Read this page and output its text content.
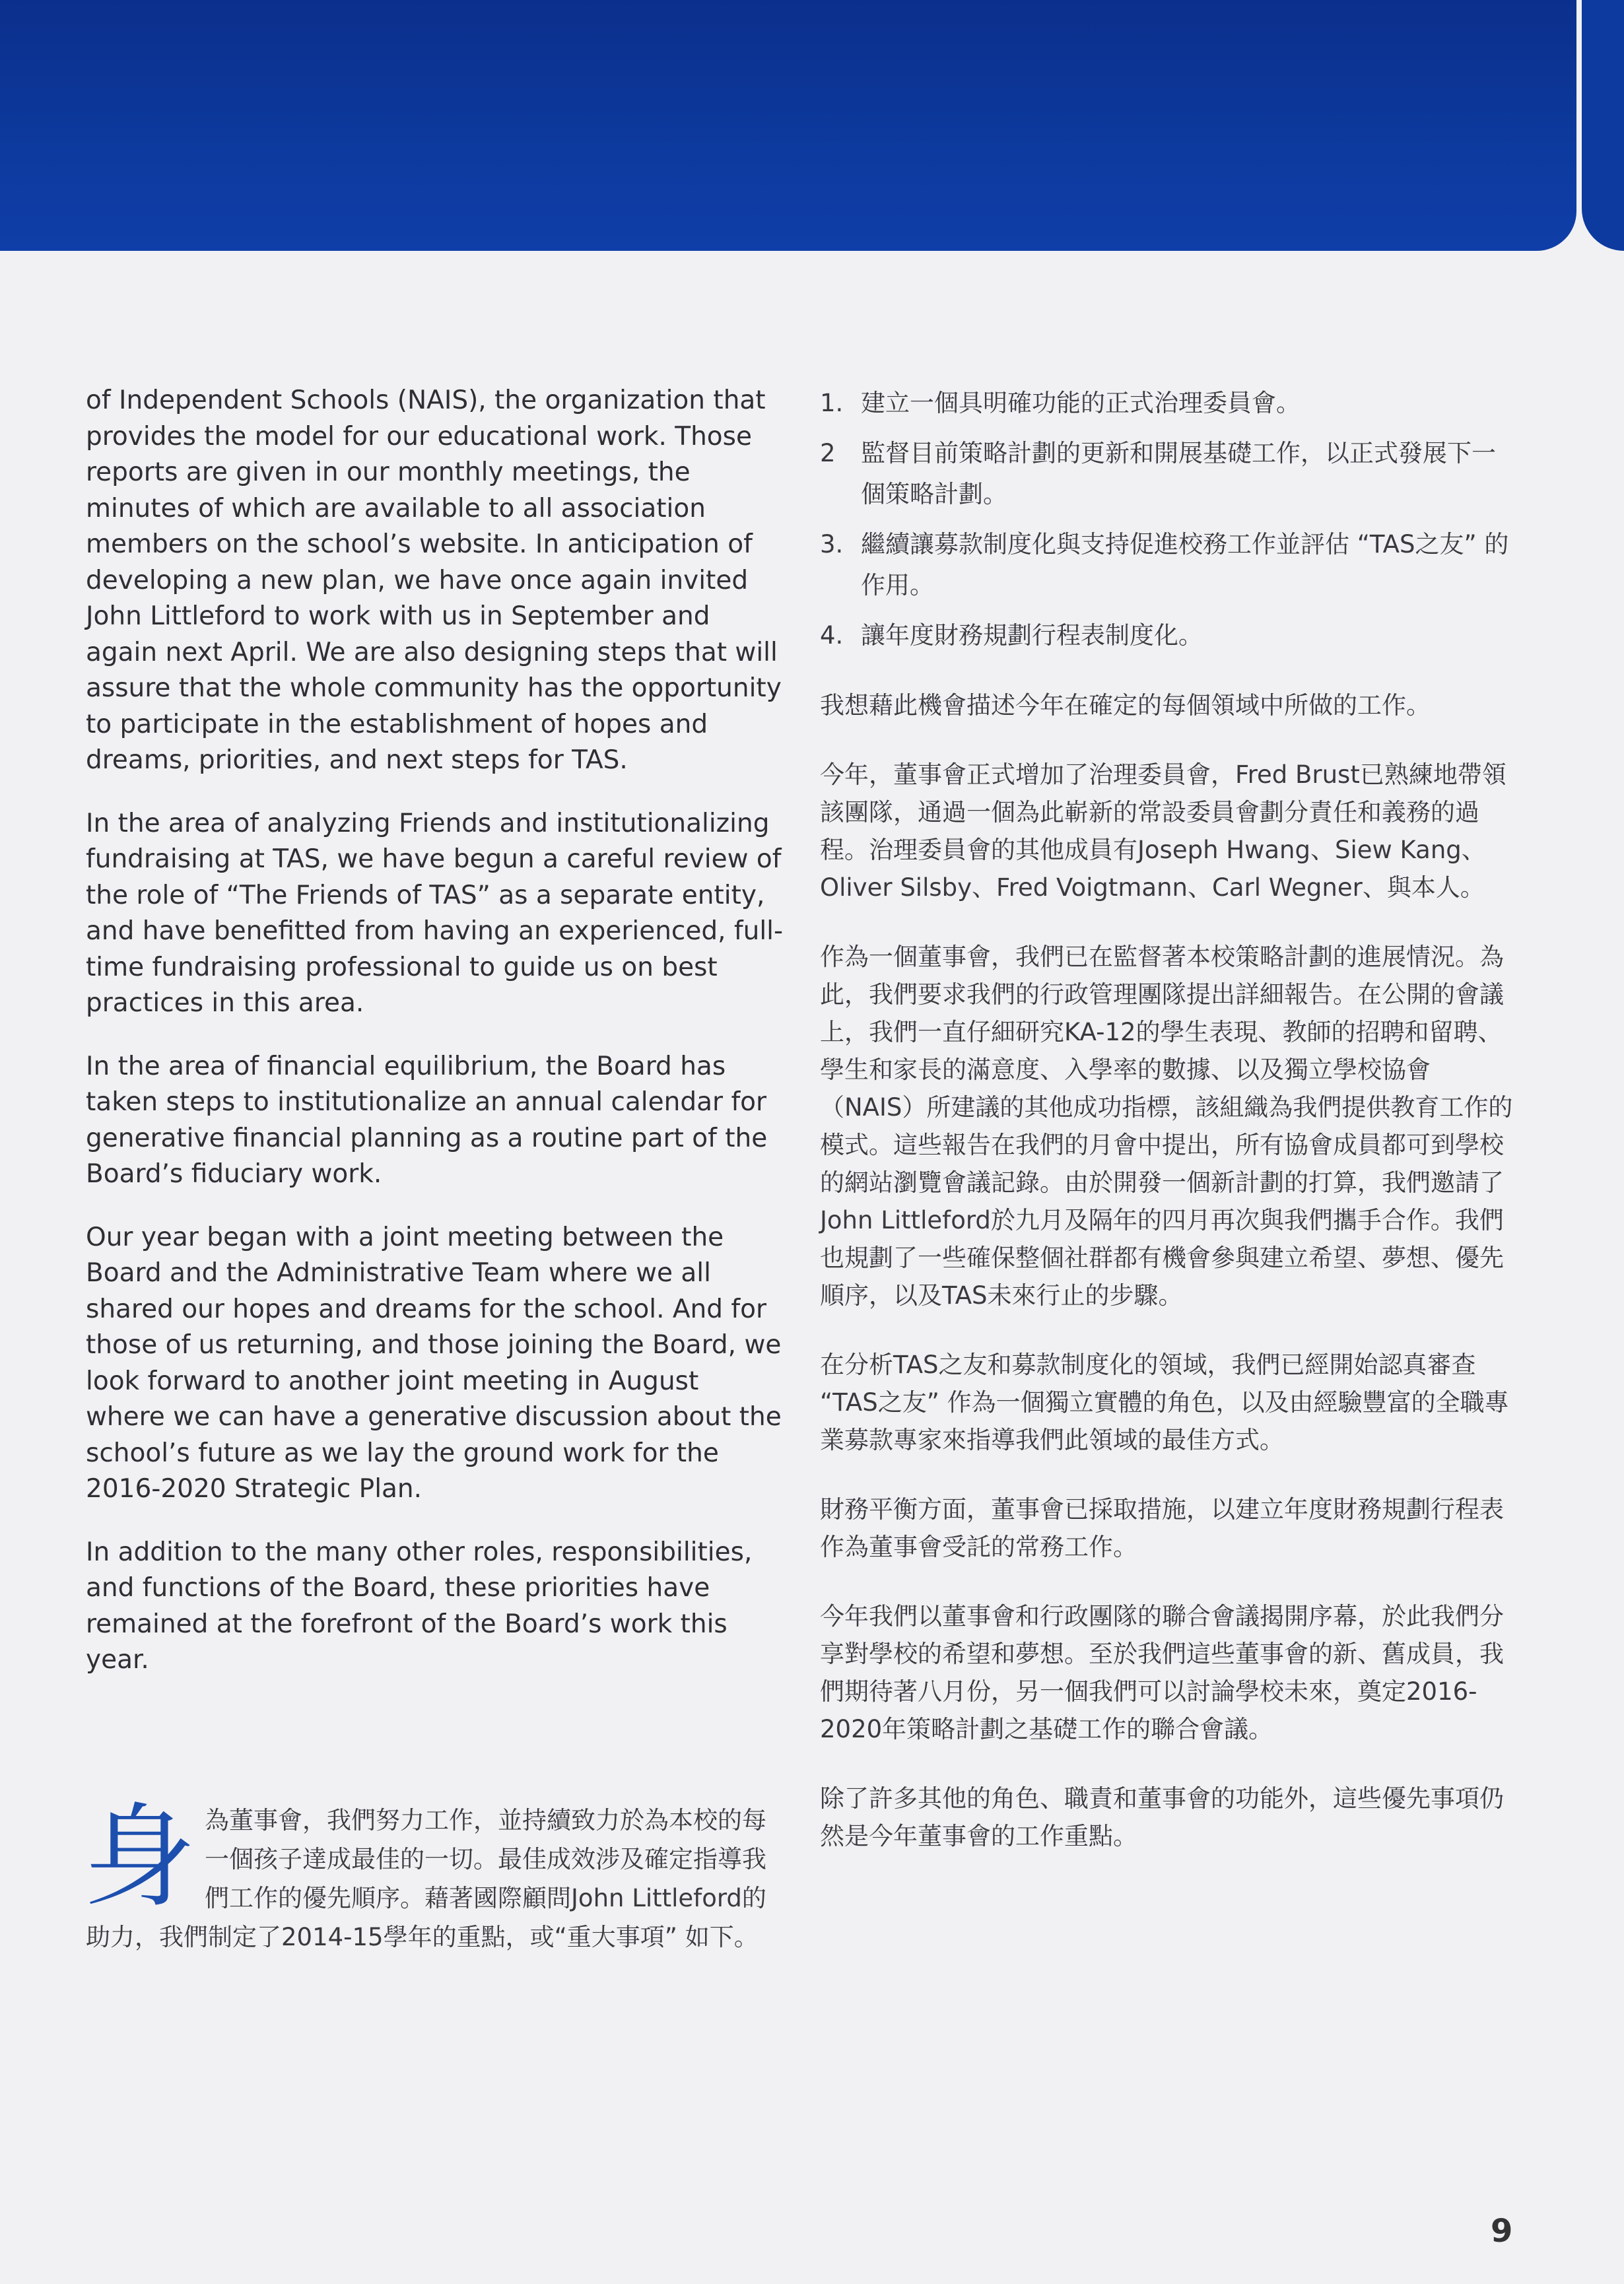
of Independent Schools (NAIS), the organization that provides the model for our educational work. Those reports are given in our monthly meetings, the minutes of which are available to all association members on the school’s website. In anticipation of developing a new plan, we have once again invited John Littleford to work with us in September and again next April. We are also designing steps that will assure that the whole community has the opportunity to participate in the establishment of hopes and dreams, priorities, and next steps for TAS.

In the area of analyzing Friends and institutionalizing fundraising at TAS, we have begun a careful review of the role of “The Friends of TAS” as a separate entity, and have benefitted from having an experienced, full-time fundraising professional to guide us on best practices in this area.

In the area of financial equilibrium, the Board has taken steps to institutionalize an annual calendar for generative financial planning as a routine part of the Board’s fiduciary work.

Our year began with a joint meeting between the Board and the Administrative Team where we all shared our hopes and dreams for the school. And for those of us returning, and those joining the Board, we look forward to another joint meeting in August where we can have a generative discussion about the school’s future as we lay the ground work for the 2016-2020 Strategic Plan.

In addition to the many other roles, responsibilities, and functions of the Board, these priorities have remained at the forefront of the Board’s work this year.

身 為董事會，我們努力工作，並持續致力於為本校的每一個孩子達成最佳的一切。最佳成效涉及確定指導我們工作的優先順序。藉著國際顧問John Littleford的助力，我們制定了2014-15學年的重點，或“重大事項” 如下。
1. 建立一個具明確功能的正式治理委員會。
2 監督目前策略計劃的更新和開展基礎工作，以正式發展下一個策略計劃。
3. 繼續讓募款制度化與支持促進校務工作並評估 “TAS之友” 的作用。
4. 讓年度財務規劃行程表制度化。

我想藉此機會描述今年在確定的每個領域中所做的工作。

今年，董事會正式增加了治理委員會，Fred Brust已熟練地帶領該團隊，通過一個為此嶄新的常設委員會劃分責任和義務的過程。治理委員會的其他成員有Joseph Hwang、Siew Kang、Oliver Silsby、Fred Voigtmann、Carl Wegner、與本人。

作為一個董事會，我們已在監督著本校策略計劃的進展情況。為此，我們要求我們的行政管理團隊提出詳細報告。在公開的會議上，我們一直仔細研究KA-12的學生表現、教師的招聘和留聘、學生和家長的滿意度、入學率的數據、以及獨立學校協會（NAIS）所建議的其他成功指標，該組織為我們提供教育工作的模式。這些報告在我們的月會中提出，所有協會成員都可到學校的網站瀏覽會議記錄。由於開發一個新計劃的打算，我們邀請了John Littleford於九月及隔年的四月再次與我們攜手合作。我們也規劃了一些確保整個社群都有機會參與建立希望、夢想、優先順序，以及TAS未來行止的步驟。

在分析TAS之友和募款制度化的領域，我們已經開始認真審查 “TAS之友” 作為一個獨立實體的角色，以及由經驗豐富的全職專業募款專家來指導我們此領域的最佳方式。

財務平衡方面，董事會已採取措施，以建立年度財務規劃行程表作為董事會受託的常務工作。

今年我們以董事會和行政團隊的聯合會議揭開序幕，於此我們分享對學校的希望和夢想。至於我們這些董事會的新、舊成員，我們期待著八月份，另一個我們可以討論學校未來，奠定2016-2020年策略計劃之基礎工作的聯合會議。

除了許多其他的角色、職責和董事會的功能外，這些優先事項仍然是今年董事會的工作重點。

9
